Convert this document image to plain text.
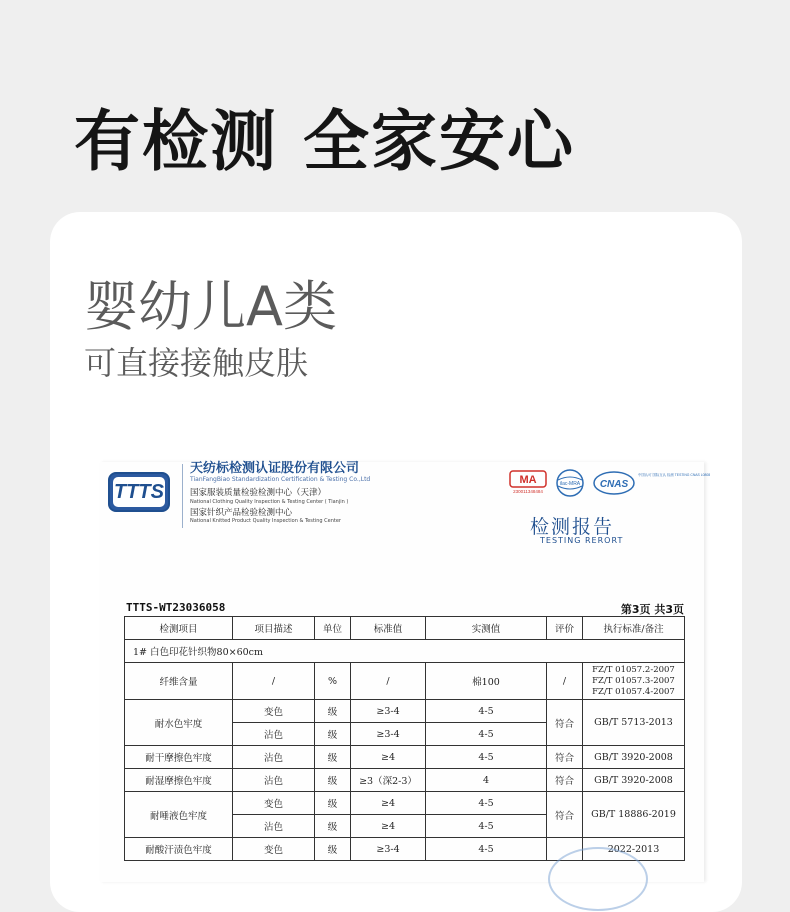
有检测 全家安心
婴幼儿A类
可直接接触皮肤
TTTS
天纺标检测认证股份有限公司
TianFangBiao Standardization Certification & Testing Co.,Ltd
国家服装质量检验检测中心（天津）
National Clothing Quality Inspection & Testing Center ( Tianjin )
国家针织产品检验检测中心
National Knitted Product Quality Inspection & Testing Center
MA
230011348484
ilac-MRA CNAS
中国认可 国际互认 检测 TESTING CNAS L0808
检测报告
TESTING RERORT
TTTS-WT23036058	第3页 共3页
检测项目	项目描述	单位	标准值	实测值	评价	执行标准/备注
1# 白色印花针织物80×60cm						
纤维含量	/	%	/	棉100	/	FZ/T 01057.2-2007
FZ/T 01057.3-2007
FZ/T 01057.4-2007

耐水色牢度	变色	级	≥3-4	4-5	符合	GB/T 5713-2013
	沾色	级	≥3-4	4-5		
耐干摩擦色牢度	沾色	级	≥4	4-5	符合	GB/T 3920-2008
耐湿摩擦色牢度	沾色	级	≥3（深2-3）	4	符合	GB/T 3920-2008
耐唾液色牢度	变色	级	≥4	4-5	符合	GB/T 18886-2019
	沾色	级	≥4	4-5		
耐酸汗渍色牢度	变色	级	≥3-4	4-5		2022-2013
